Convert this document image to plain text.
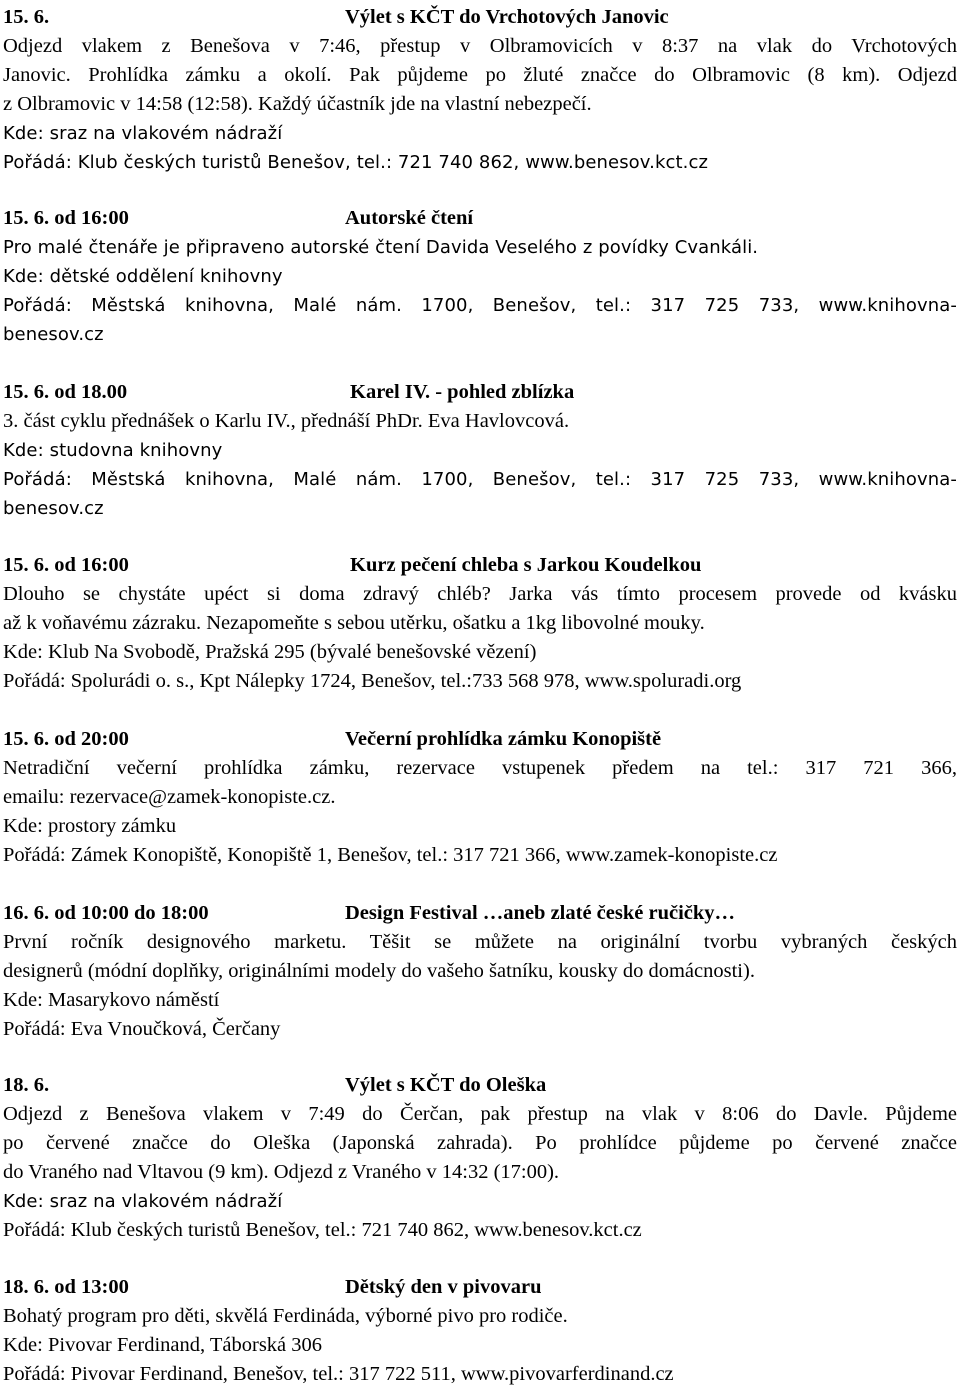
15. 6.	Výlet s KČT do Vrchotových Janovic
Odjezd vlakem z Benešova v 7:46, přestup v Olbramovicích v 8:37 na vlak do Vrchotových
Janovic. Prohlídka zámku a okolí. Pak půjdeme po žluté značce do Olbramovic (8 km). Odjezd
z Olbramovic v 14:58 (12:58). Každý účastník jde na vlastní nebezpečí.
Kde: sraz na vlakovém nádraží
Pořádá: Klub českých turistů Benešov, tel.: 721 740 862, www.benesov.kct.cz
15. 6. od 16:00	Autorské čtení
Pro malé čtenáře je připraveno autorské čtení Davida Veselého z povídky Cvankáli.
Kde: dětské oddělení knihovny
Pořádá: Městská knihovna, Malé nám. 1700, Benešov, tel.: 317 725 733, www.knihovna-
benesov.cz
15. 6. od 18.00	Karel IV. - pohled zblízka
3. část cyklu přednášek o Karlu IV., přednáší PhDr. Eva Havlovcová.
Kde: studovna knihovny
Pořádá: Městská knihovna, Malé nám. 1700, Benešov, tel.: 317 725 733, www.knihovna-
benesov.cz
15. 6. od 16:00	Kurz pečení chleba s Jarkou Koudelkou
Dlouho se chystáte upéct si doma zdravý chléb? Jarka vás tímto procesem provede od kvásku
až k voňavému zázraku. Nezapomeňte s sebou utěrku, ošatku a 1kg libovolné mouky.
Kde: Klub Na Svobodě, Pražská 295 (bývalé benešovské vězení)
Pořádá: Spolurádi o. s., Kpt Nálepky 1724, Benešov, tel.:733 568 978, www.spoluradi.org
15. 6. od 20:00	Večerní prohlídka zámku Konopiště
Netradiční večerní prohlídka zámku, rezervace vstupenek předem na tel.: 317 721 366,
emailu: rezervace@zamek-konopiste.cz.
Kde: prostory zámku
Pořádá: Zámek Konopiště, Konopiště 1, Benešov, tel.: 317 721 366, www.zamek-konopiste.cz
16. 6. od 10:00 do 18:00	Design Festival …aneb zlaté české ručičky…
První ročník designového marketu. Těšit se můžete na originální tvorbu vybraných českých
designerů (módní doplňky, originálními modely do vašeho šatníku, kousky do domácnosti).
Kde: Masarykovo náměstí
Pořádá: Eva Vnoučková, Čerčany
18. 6.	Výlet s KČT do Oleška
Odjezd z Benešova vlakem v 7:49 do Čerčan, pak přestup na vlak v 8:06 do Davle. Půjdeme
po červené značce do Oleška (Japonská zahrada). Po prohlídce půjdeme po červené značce
do Vraného nad Vltavou (9 km). Odjezd z Vraného v 14:32 (17:00).
Kde: sraz na vlakovém nádraží
Pořádá: Klub českých turistů Benešov, tel.: 721 740 862, www.benesov.kct.cz
18. 6. od 13:00	Dětský den v pivovaru
Bohatý program pro děti, skvělá Ferdináda, výborné pivo pro rodiče.
Kde: Pivovar Ferdinand, Táborská 306
Pořádá: Pivovar Ferdinand, Benešov, tel.: 317 722 511, www.pivovarferdinand.cz
